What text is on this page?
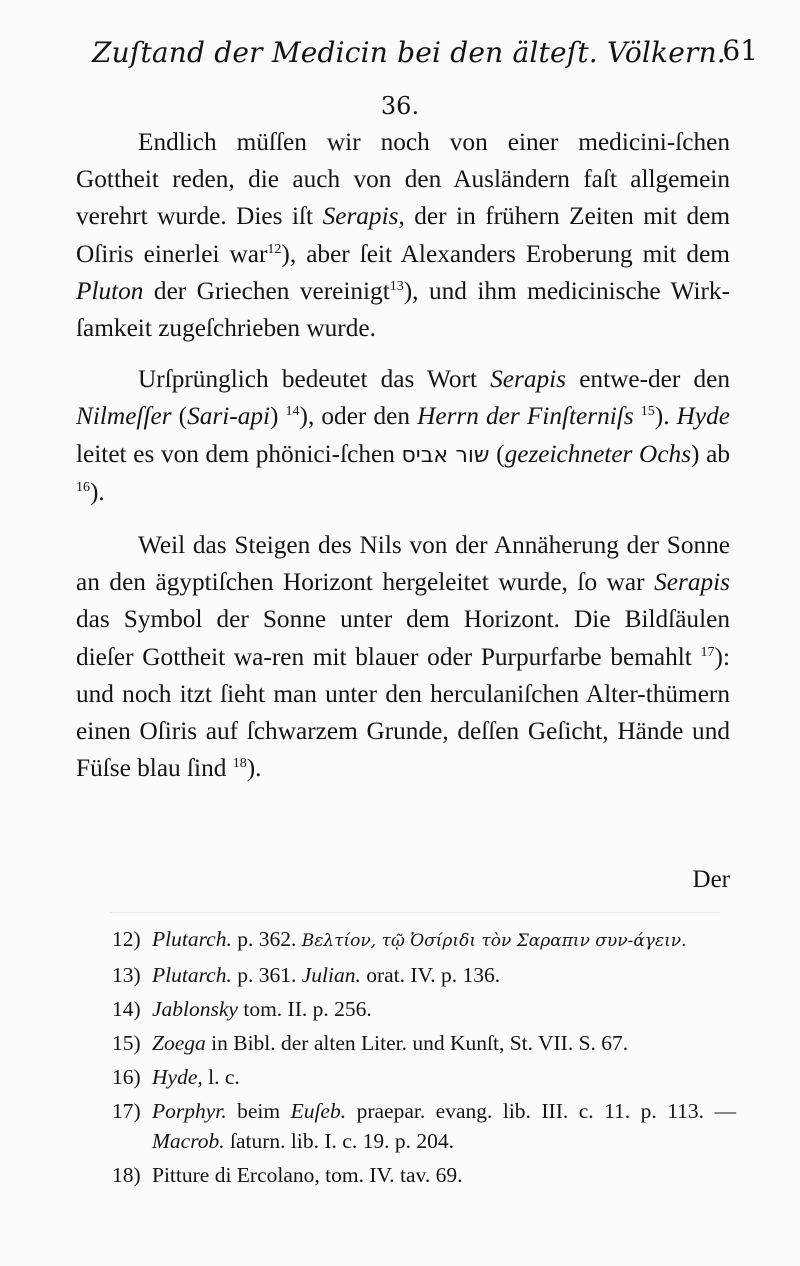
Zuſtand der Medicin bei den älteſt. Völkern.
61
36.

Endlich müſſen wir noch von einer medicini-ſchen Gottheit reden, die auch von den Ausländern faſt allgemein verehrt wurde. Dies iſt Serapis, der in frühern Zeiten mit dem Oſiris einerlei war$^{12}$), aber ſeit Alexanders Eroberung mit dem Pluton der Griechen vereinigt$^{13}$), und ihm medicinische Wirk-ſamkeit zugeſchrieben wurde.

Urſprünglich bedeutet das Wort Serapis entwe-der den Nilmeſſer (Sari-api) $^{14}$), oder den Herrn der Finſterniſs $^{15}$). Hyde leitet es von dem phönici-ſchen שור אביס (gezeichneter Ochs) ab $^{16}$).

Weil das Steigen des Nils von der Annäherung der Sonne an den ägyptiſchen Horizont hergeleitet wurde, ſo war Serapis das Symbol der Sonne unter dem Horizont. Die Bildſäulen dieſer Gottheit wa-ren mit blauer oder Purpurfarbe bemahlt $^{17}$): und noch itzt ſieht man unter den herculaniſchen Alter-thümern einen Oſiris auf ſchwarzem Grunde, deſſen Geſicht, Hände und Füſse blau ſind $^{18}$).

Der

12) Plutarch. p. 362. Βελτίον, τῷ Ὀσίριδι τὸν Σαραπιν συν-άγειν.

13) Plutarch. p. 361. Julian. orat. IV. p. 136.

14) Jablonsky tom. II. p. 256.

15) Zoega in Bibl. der alten Liter. und Kunſt, St. VII. S. 67.

16) Hyde, l. c.

17) Porphyr. beim Euſeb. praepar. evang. lib. III. c. 11. p. 113. — Macrob. ſaturn. lib. I. c. 19. p. 204.

18) Pitture di Ercolano, tom. IV. tav. 69.
